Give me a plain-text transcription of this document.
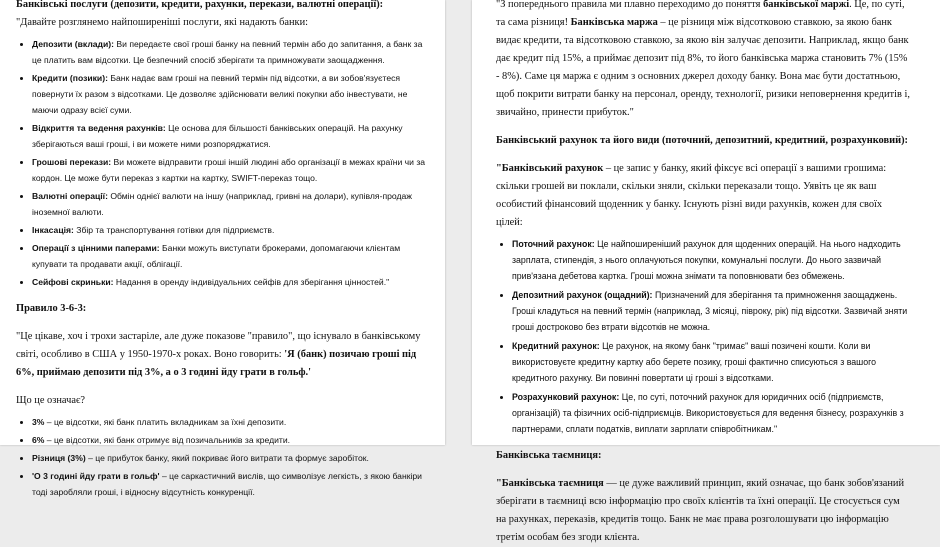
Банківські послуги (депозити, кредити, рахунки, перекази, валютні операції):

"Давайте розглянемо найпоширеніші послуги, які надають банки:

• Депозити (вклади): Ви передаєте свої гроші банку на певний термін або до запитання, а банк за це платить вам відсотки. Це безпечний спосіб зберігати та примножувати заощадження.
• Кредити (позики): Банк надає вам гроші на певний термін під відсотки, а ви зобов'язуєтеся повернути їх разом з відсотками. Це дозволяє здійснювати великі покупки або інвестувати, не маючи одразу всієї суми.
• Відкриття та ведення рахунків: Це основа для більшості банківських операцій. На рахунку зберігаються ваші гроші, і ви можете ними розпоряджатися.
• Грошові перекази: Ви можете відправити гроші іншій людині або організації в межах країни чи за кордон. Це може бути переказ з картки на картку, SWIFT-переказ тощо.
• Валютні операції: Обмін однієї валюти на іншу (наприклад, гривні на долари), купівля-продаж іноземної валюти.
• Інкасація: Збір та транспортування готівки для підприємств.
• Операції з цінними паперами: Банки можуть виступати брокерами, допомагаючи клієнтам купувати та продавати акції, облігації.
• Сейфові скриньки: Надання в оренду індивідуальних сейфів для зберігання цінностей."

Правило 3-6-3:

"Це цікаве, хоч і трохи застаріле, але дуже показове "правило", що існувало в банківському світі, особливо в США у 1950-1970-х роках. Воно говорить: 'Я (банк) позичаю гроші під 6%, приймаю депозити під 3%, а о 3 годині йду грати в гольф.'

Що це означає?

• 3% – це відсотки, які банк платить вкладникам за їхні депозити.
• 6% – це відсотки, які банк отримує від позичальників за кредити.
• Різниця (3%) – це прибуток банку, який покриває його витрати та формує заробіток.
• 'О 3 годині йду грати в гольф' – це саркастичний вислів, що символізує легкість, з якою банкіри тоді заробляли гроші, і відносну відсутність конкуренції.

"З попереднього правила ми плавно переходимо до поняття банківської маржі. Це, по суті, та сама різниця! Банківська маржа – це різниця між відсотковою ставкою, за якою банк видає кредити, та відсотковою ставкою, за якою він залучає депозити. Наприклад, якщо банк дає кредит під 15%, а приймає депозит під 8%, то його банківська маржа становить 7% (15% - 8%). Саме ця маржа є одним з основних джерел доходу банку. Вона має бути достатньою, щоб покрити витрати банку на персонал, оренду, технології, ризики неповернення кредитів і, звичайно, принести прибуток."

Банківський рахунок та його види (поточний, депозитний, кредитний, розрахунковий):

"Банківський рахунок – це запис у банку, який фіксує всі операції з вашими грошима: скільки грошей ви поклали, скільки зняли, скільки переказали тощо. Уявіть це як ваш особистий фінансовий щоденник у банку. Існують різні види рахунків, кожен для своїх цілей:

• Поточний рахунок: Це найпоширеніший рахунок для щоденних операцій. На нього надходить зарплата, стипендія, з нього оплачуються покупки, комунальні послуги. До нього зазвичай прив'язана дебетова картка. Гроші можна знімати та поповнювати без обмежень.
• Депозитний рахунок (ощадний): Призначений для зберігання та примноження заощаджень. Гроші кладуться на певний термін (наприклад, 3 місяці, півроку, рік) під відсотки. Зазвичай зняти гроші достроково без втрати відсотків не можна.
• Кредитний рахунок: Це рахунок, на якому банк "тримає" ваші позичені кошти. Коли ви використовуєте кредитну картку або берете позику, гроші фактично списуються з вашого кредитного рахунку. Ви повинні повертати ці гроші з відсотками.
• Розрахунковий рахунок: Це, по суті, поточний рахунок для юридичних осіб (підприємств, організацій) та фізичних осіб-підприємців. Використовується для ведення бізнесу, розрахунків з партнерами, сплати податків, виплати зарплати співробітникам."

Банківська таємниця:

"Банківська таємниця — це дуже важливий принцип, який означає, що банк зобов'язаний зберігати в таємниці всю інформацію про своїх клієнтів та їхні операції. Це стосується сум на рахунках, переказів, кредитів тощо. Банк не має права розголошувати цю інформацію третім особам без згоди клієнта.
